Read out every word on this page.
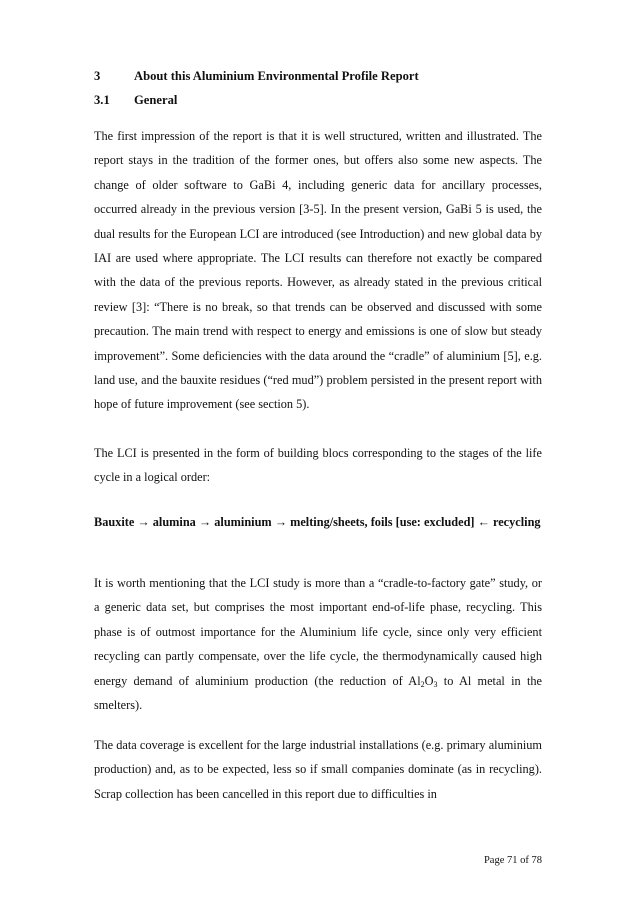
3	About this Aluminium Environmental Profile Report
3.1 General

The first impression of the report is that it is well structured, written and illustrated. The report stays in the tradition of the former ones, but offers also some new aspects. The change of older software to GaBi 4, including generic data for ancillary processes, occurred already in the previous version [3-5]. In the present version, GaBi 5 is used, the dual results for the European LCI are introduced (see Introduction) and new global data by IAI are used where appropriate. The LCI results can therefore not exactly be compared with the data of the previous reports. However, as already stated in the previous critical review [3]: “There is no break, so that trends can be observed and discussed with some precaution. The main trend with respect to energy and emissions is one of slow but steady improvement”. Some deficiencies with the data around the “cradle” of aluminium [5], e.g. land use, and the bauxite residues (“red mud”) problem persisted in the present report with hope of future improvement (see section 5).

The LCI is presented in the form of building blocs corresponding to the stages of the life cycle in a logical order:

Bauxite → alumina → aluminium → melting/sheets, foils [use: excluded] ← recycling

It is worth mentioning that the LCI study is more than a “cradle-to-factory gate” study, or a generic data set, but comprises the most important end-of-life phase, recycling. This phase is of outmost importance for the Aluminium life cycle, since only very efficient recycling can partly compensate, over the life cycle, the thermodynamically caused high energy demand of aluminium production (the reduction of $Al_2O_3$ to Al metal in the smelters).

The data coverage is excellent for the large industrial installations (e.g. primary aluminium production) and, as to be expected, less so if small companies dominate (as in recycling). Scrap collection has been cancelled in this report due to difficulties in

Page 71 of 78
